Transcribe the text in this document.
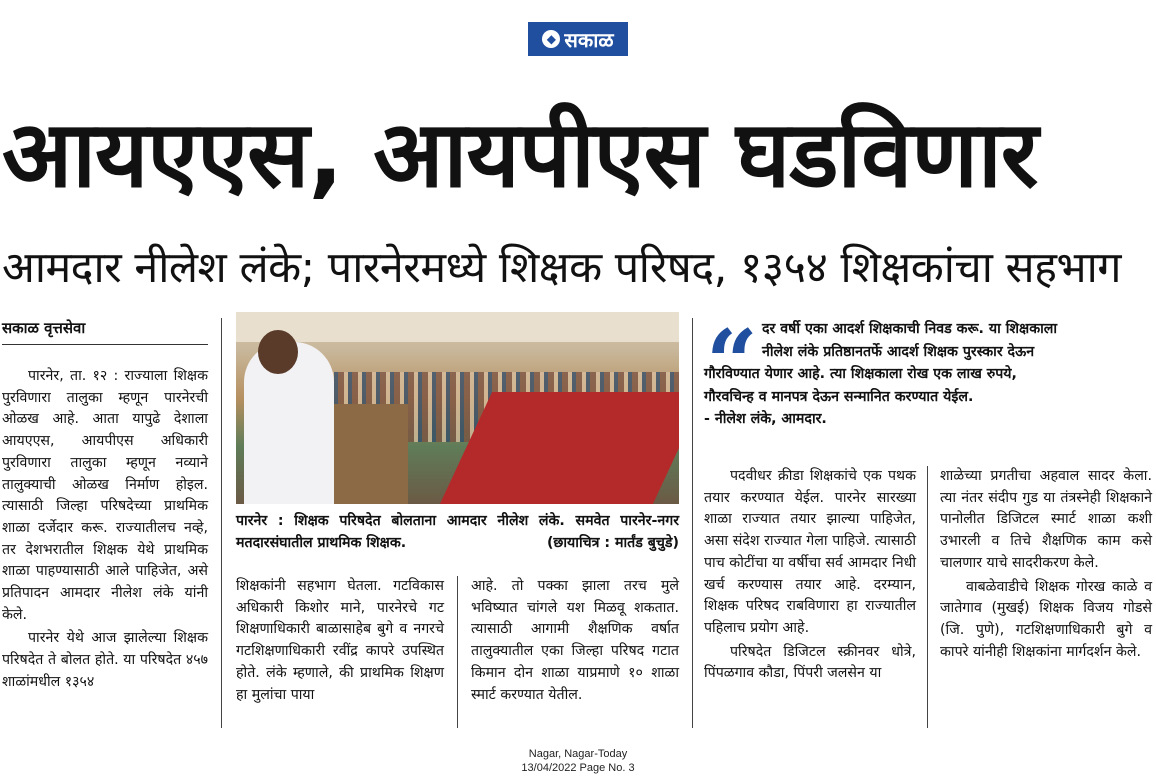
◆ सकाळ
आयएएस, आयपीएस घडविणार
आमदार नीलेश लंके; पारनेरमध्ये शिक्षक परिषद, १३५४ शिक्षकांचा सहभाग
सकाळ वृत्तसेवा

पारनेर, ता. १२ : राज्याला शिक्षक पुरविणारा तालुका म्हणून पारनेरची ओळख आहे. आता यापुढे देशाला आयएएस, आयपीएस अधिकारी पुरविणारा तालुका म्हणून नव्याने तालुक्याची ओळख निर्माण होइल. त्यासाठी जिल्हा परिषदेच्या प्राथमिक शाळा दर्जेदार करू. राज्यातीलच नव्हे, तर देशभरातील शिक्षक येथे प्राथमिक शाळा पाहण्यासाठी आले पाहिजेत, असे प्रतिपादन आमदार नीलेश लंके यांनी केले.

पारनेर येथे आज झालेल्या शिक्षक परिषदेत ते बोलत होते. या परिषदेत ४५७ शाळांमधील १३५४

पारनेर : शिक्षक परिषदेत बोलताना आमदार नीलेश लंके. समवेत पारनेर-नगर मतदारसंघातील प्राथमिक शिक्षक.	(छायाचित्र : मार्तंड बुचुडे)

शिक्षकांनी सहभाग घेतला. गटविकास अधिकारी किशोर माने, पारनेरचे गट शिक्षणाधिकारी बाळासाहेब बुगे व नगरचे गटशिक्षणाधिकारी रवींद्र कापरे उपस्थित होते. लंके म्हणाले, की प्राथमिक शिक्षण हा मुलांचा पाया

आहे. तो पक्का झाला तरच मुले भविष्यात चांगले यश मिळवू शकतात. त्यासाठी आगामी शैक्षणिक वर्षात तालुक्यातील एका जिल्हा परिषद गटात किमान दोन शाळा याप्रमाणे १० शाळा स्मार्ट करण्यात येतील.

“ दर वर्षी एका आदर्श शिक्षकाची निवड करू. या शिक्षकाला
नीलेश लंके प्रतिष्ठानतर्फे आदर्श शिक्षक पुरस्कार देऊन
गौरविण्यात येणार आहे. त्या शिक्षकाला रोख एक लाख रुपये,
गौरवचिन्ह व मानपत्र देऊन सन्मानित करण्यात येईल.
- नीलेश लंके, आमदार.

पदवीधर क्रीडा शिक्षकांचे एक पथक तयार करण्यात येईल. पारनेर सारख्या शाळा राज्यात तयार झाल्या पाहिजेत, असा संदेश राज्यात गेला पाहिजे. त्यासाठी पाच कोटींचा या वर्षीचा सर्व आमदार निधी खर्च करण्यास तयार आहे. दरम्यान, शिक्षक परिषद राबविणारा हा राज्यातील पहिलाच प्रयोग आहे.

परिषदेत डिजिटल स्क्रीनवर धोत्रे, पिंपळगाव कौडा, पिंपरी जलसेन या

शाळेच्या प्रगतीचा अहवाल सादर केला. त्या नंतर संदीप गुड या तंत्रस्नेही शिक्षकाने पानोलीत डिजिटल स्मार्ट शाळा कशी उभारली व तिचे शैक्षणिक काम कसे चालणार याचे सादरीकरण केले.

वाबळेवाडीचे शिक्षक गोरख काळे व जातेगाव (मुखई) शिक्षक विजय गोडसे (जि. पुणे), गटशिक्षणाधिकारी बुगे व कापरे यांनीही शिक्षकांना मार्गदर्शन केले.

Nagar, Nagar-Today
13/04/2022 Page No. 3
